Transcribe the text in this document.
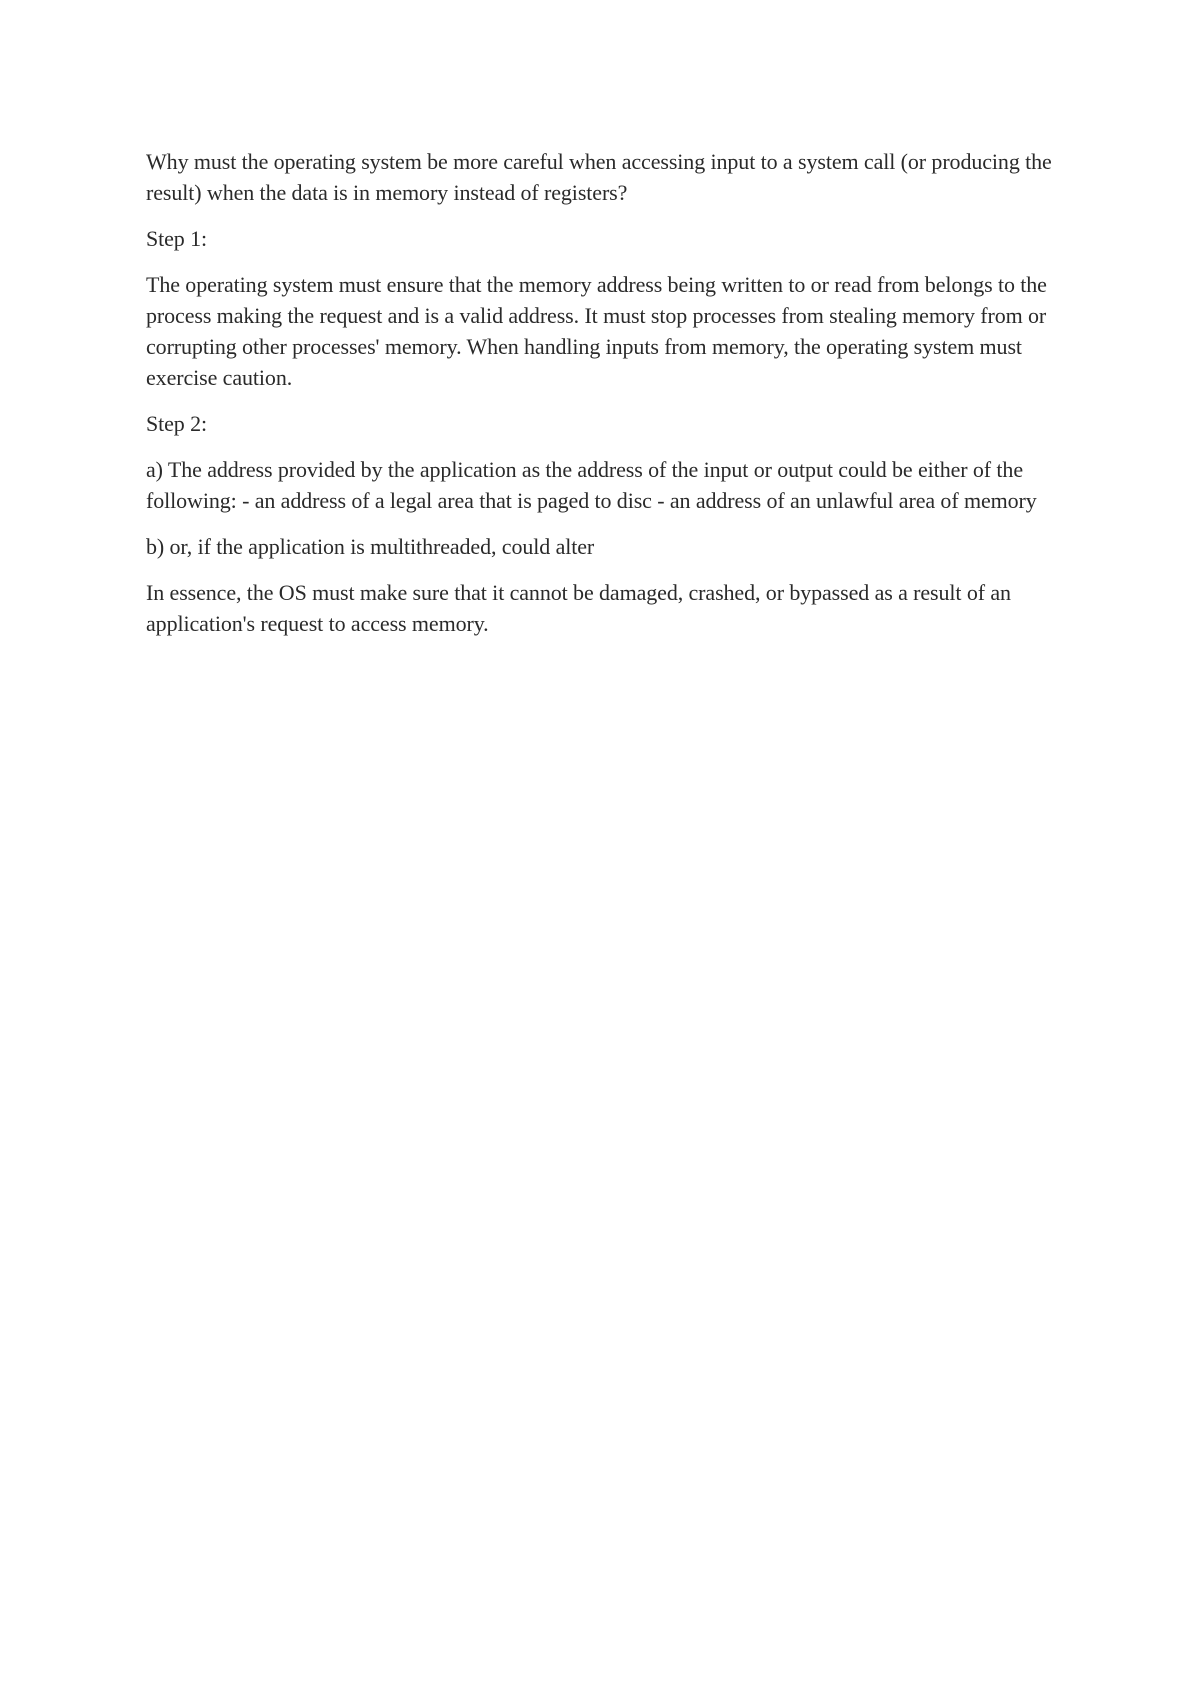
Why must the operating system be more careful when accessing input to a system call (or producing the result) when the data is in memory instead of registers?

Step 1:

The operating system must ensure that the memory address being written to or read from belongs to the process making the request and is a valid address. It must stop processes from stealing memory from or corrupting other processes' memory. When handling inputs from memory, the operating system must exercise caution.

Step 2:

a) The address provided by the application as the address of the input or output could be either of the following: - an address of a legal area that is paged to disc - an address of an unlawful area of memory

b) or, if the application is multithreaded, could alter

In essence, the OS must make sure that it cannot be damaged, crashed, or bypassed as a result of an application's request to access memory.
